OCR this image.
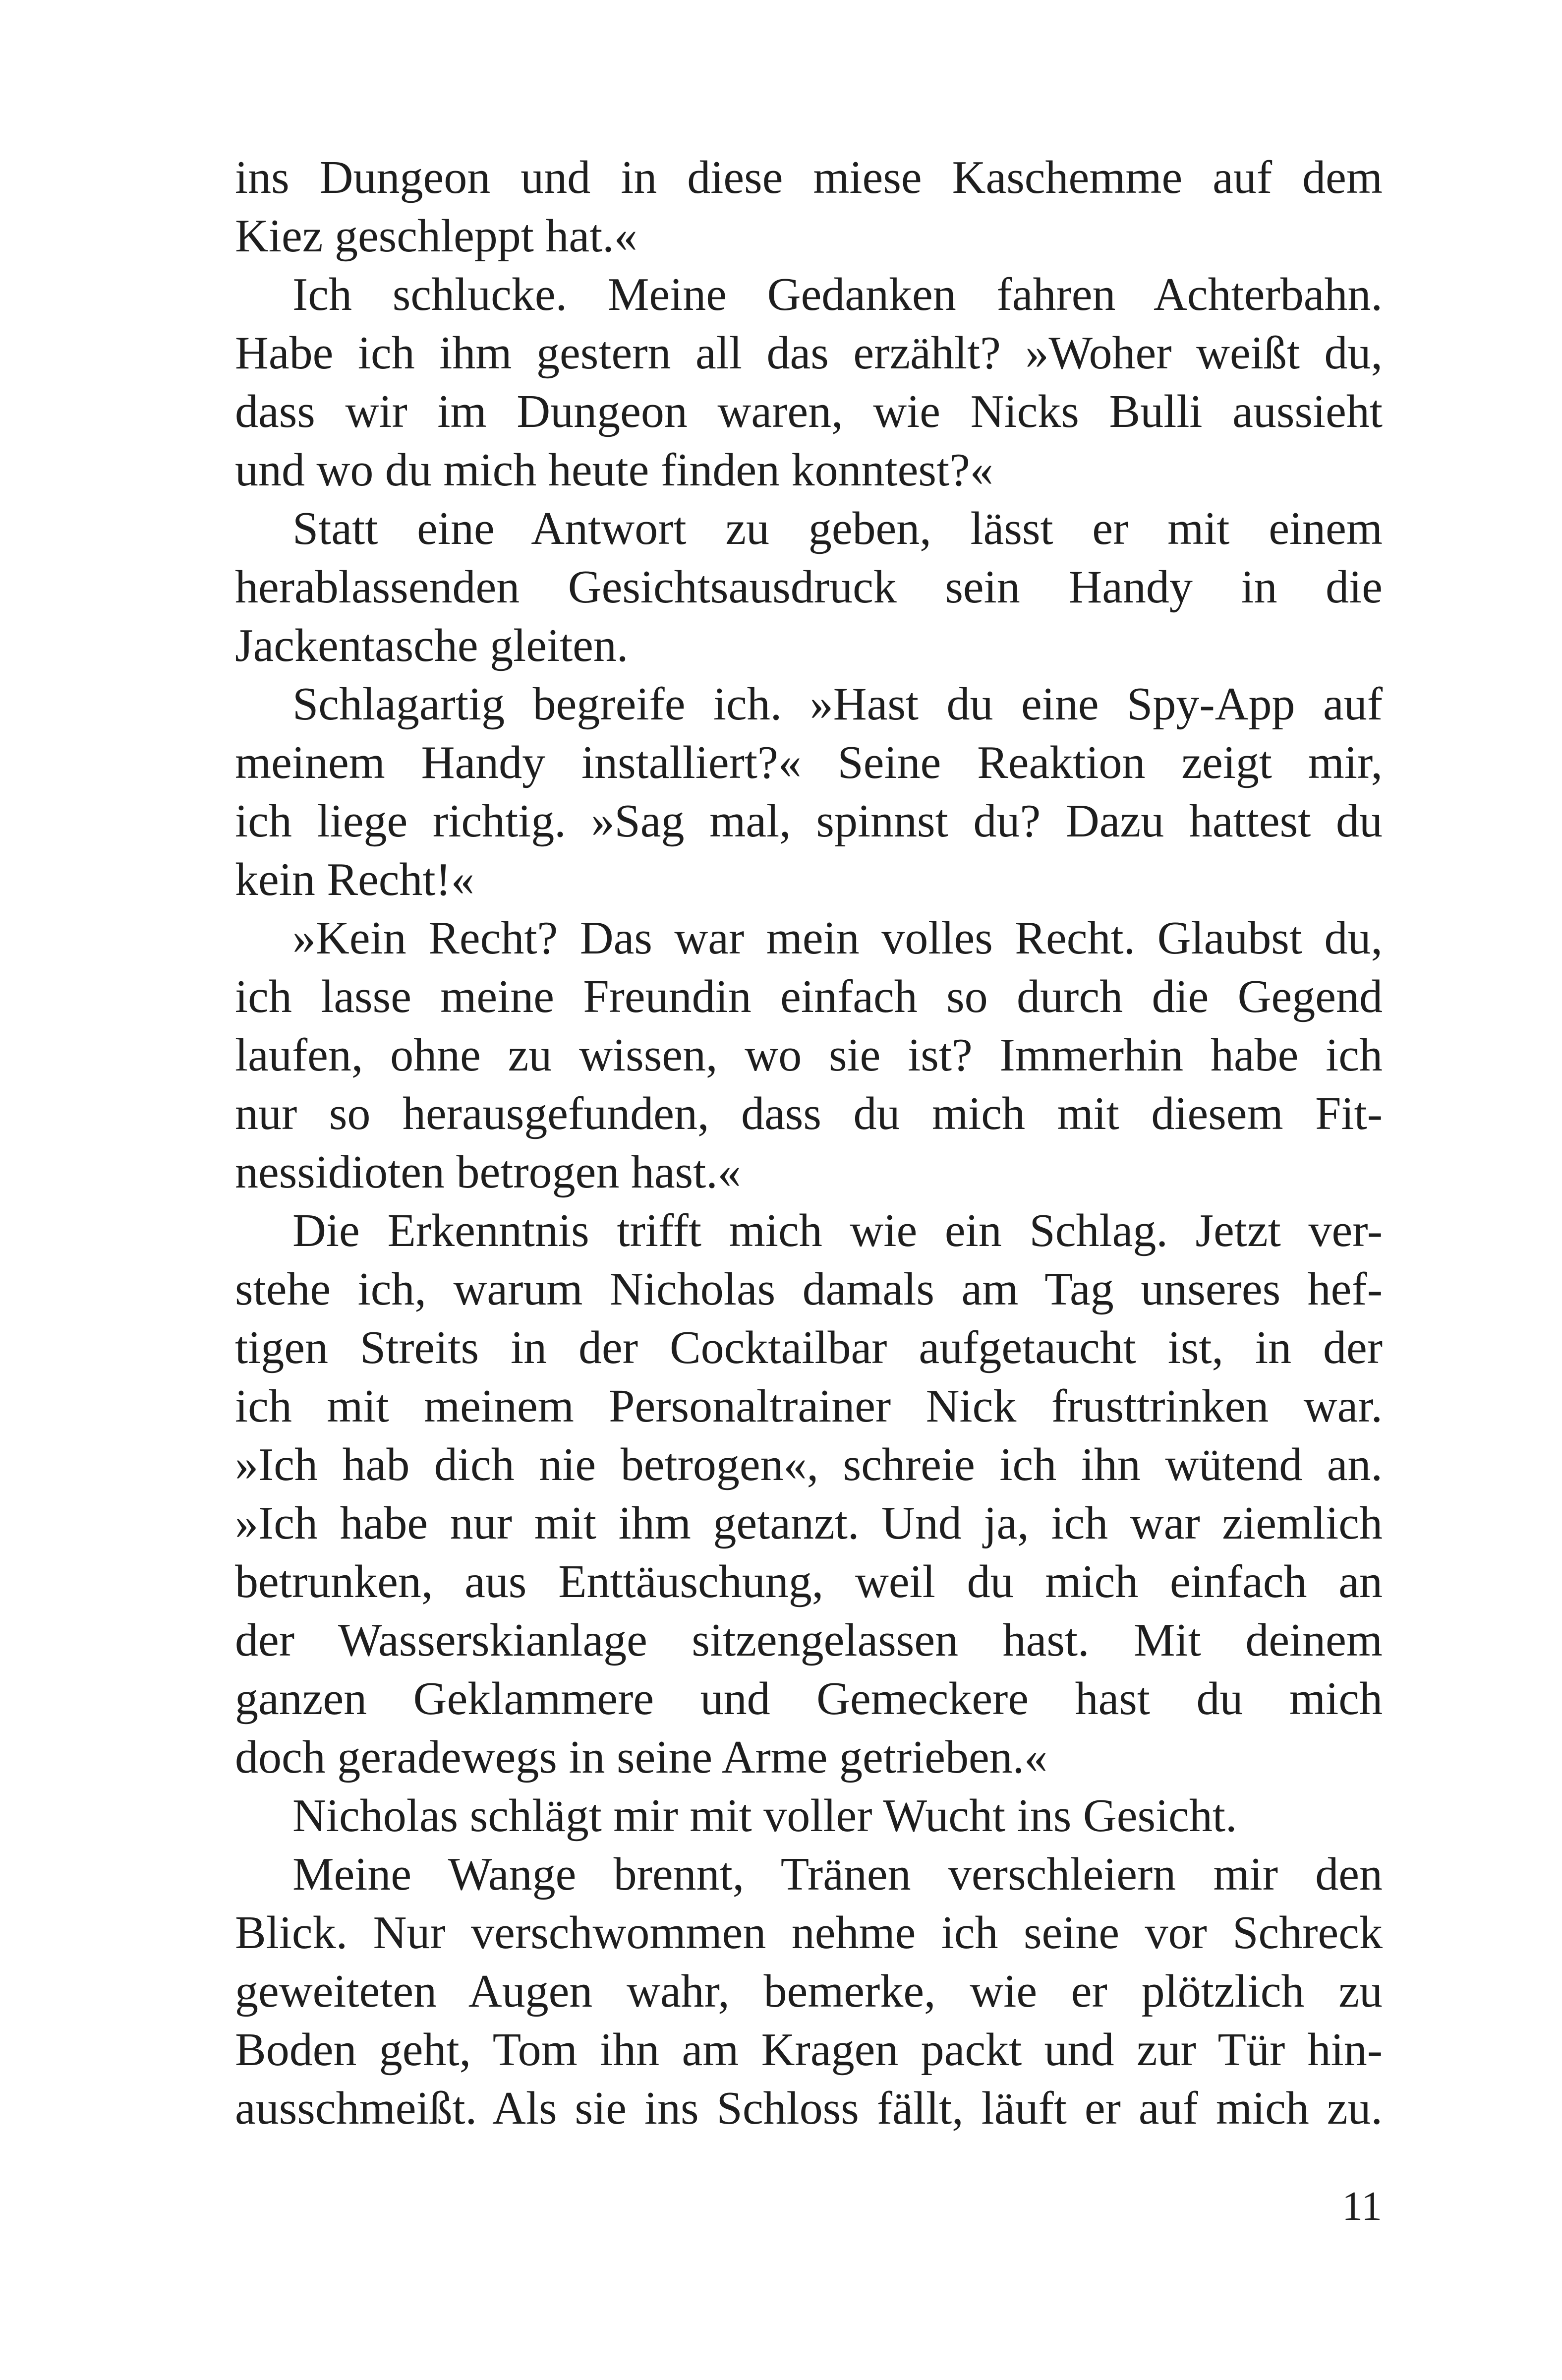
ins Dungeon und in diese miese Kaschemme auf dem
Kiez geschleppt hat.«
Ich schlucke. Meine Gedanken fahren Achterbahn.
Habe ich ihm gestern all das erzählt? »Woher weißt du,
dass wir im Dungeon waren, wie Nicks Bulli aussieht
und wo du mich heute finden konntest?«
Statt eine Antwort zu geben, lässt er mit einem
herablassenden Gesichtsausdruck sein Handy in die
Jackentasche gleiten.
Schlagartig begreife ich. »Hast du eine Spy-App auf
meinem Handy installiert?« Seine Reaktion zeigt mir,
ich liege richtig. »Sag mal, spinnst du? Dazu hattest du
kein Recht!«
»Kein Recht? Das war mein volles Recht. Glaubst du,
ich lasse meine Freundin einfach so durch die Gegend
laufen, ohne zu wissen, wo sie ist? Immerhin habe ich
nur so herausgefunden, dass du mich mit diesem Fit-
nessidioten betrogen hast.«
Die Erkenntnis trifft mich wie ein Schlag. Jetzt ver-
stehe ich, warum Nicholas damals am Tag unseres hef-
tigen Streits in der Cocktailbar aufgetaucht ist, in der
ich mit meinem Personaltrainer Nick frusttrinken war.
»Ich hab dich nie betrogen«, schreie ich ihn wütend an.
»Ich habe nur mit ihm getanzt. Und ja, ich war ziemlich
betrunken, aus Enttäuschung, weil du mich einfach an
der Wasserskianlage sitzengelassen hast. Mit deinem
ganzen Geklammere und Gemeckere hast du mich
doch geradewegs in seine Arme getrieben.«
Nicholas schlägt mir mit voller Wucht ins Gesicht.
Meine Wange brennt, Tränen verschleiern mir den
Blick. Nur verschwommen nehme ich seine vor Schreck
geweiteten Augen wahr, bemerke, wie er plötzlich zu
Boden geht, Tom ihn am Kragen packt und zur Tür hin-
ausschmeißt. Als sie ins Schloss fällt, läuft er auf mich zu.
11
